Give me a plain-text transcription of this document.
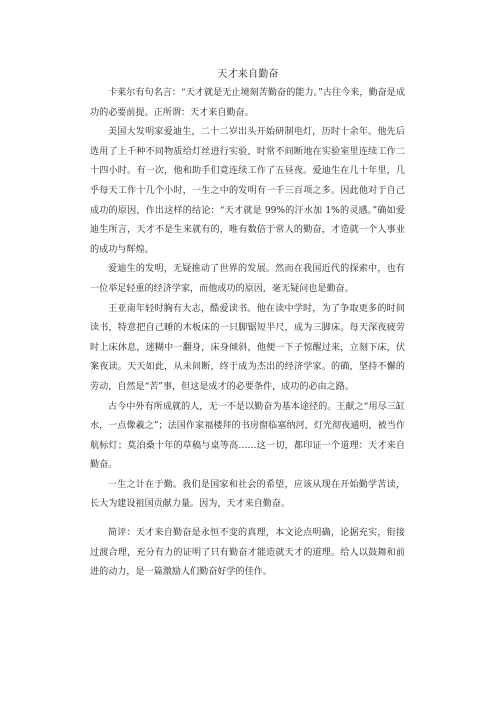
天才来自勤奋

卡莱尔有句名言：“天才就是无止境刻苦勤奋的能力。”古往今来，勤奋是成功的必要前提。正所谓：天才来自勤奋。

美国大发明家爱迪生，二十二岁出头开始研制电灯，历时十余年。他先后选用了上千种不同物质给灯丝进行实验，时常不间断地在实验室里连续工作二十四小时。有一次，他和助手们竟连续工作了五昼夜。爱迪生在几十年里，几乎每天工作十几个小时，一生之中的发明有一千三百项之多。因此他对于自己成功的原因，作出这样的结论：“天才就是 99%的汗水加 1%的灵感。”确如爱迪生所言，天才不是生来就有的，唯有数倍于常人的勤奋，才造就一个人事业的成功与辉煌。

爱迪生的发明，无疑推动了世界的发展。然而在我国近代的探索中，也有一位举足轻重的经济学家，而他成功的原因，毫无疑问也是勤奋。

王亚南年轻时胸有大志，酷爱读书。他在读中学时，为了争取更多的时间读书，特意把自己睡的木板床的一只脚锯短半尺，成为三脚床。每天深夜疲劳时上床休息，迷糊中一翻身，床身倾斜，他便一下子惊醒过来，立刻下床，伏案夜读。天天如此，从未间断，终于成为杰出的经济学家。的确，坚持不懈的劳动，自然是“苦”事，但这是成才的必要条件，成功的必由之路。

古今中外有所成就的人，无一不是以勤奋为基本途径的。王献之“用尽三缸水，一点像羲之”；法国作家福楼拜的书房窗临塞纳河，灯光彻夜通明，被当作航标灯；莫泊桑十年的草稿与桌等高……这一切，都印证一个道理：天才来自勤奋。

一生之计在于勤。我们是国家和社会的希望，应该从现在开始勤学苦读，长大为建设祖国贡献力量。因为，天才来自勤奋。

简评：天才来自勤奋是永恒不变的真理，本文论点明确，论据充实，衔接过渡合理，充分有力的证明了只有勤奋才能造就天才的道理。给人以鼓舞和前进的动力，是一篇激励人们勤奋好学的佳作。
